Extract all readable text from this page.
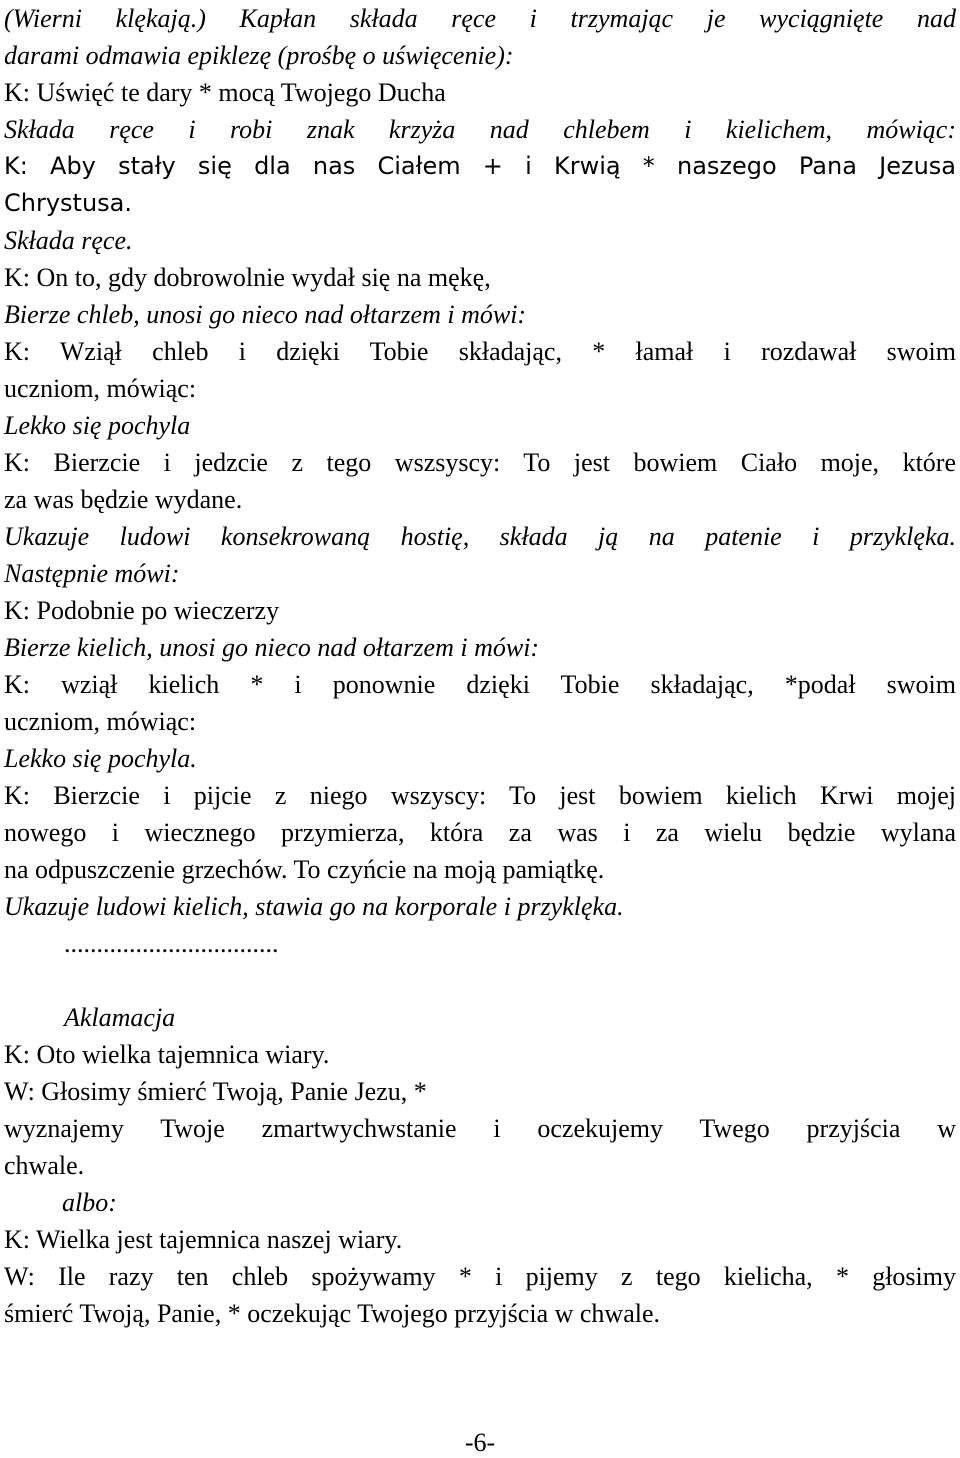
(Wierni klękają.) Kapłan składa ręce i trzymając je wyciągnięte nad
darami odmawia epiklezę (prośbę o uświęcenie):
K: Uświęć te dary * mocą Twojego Ducha
Składa ręce i robi znak krzyża nad chlebem i kielichem, mówiąc:
K: Aby stały się dla nas Ciałem + i Krwią * naszego Pana Jezusa
Chrystusa.
Składa ręce.
K: On to, gdy dobrowolnie wydał się na mękę,
Bierze chleb, unosi go nieco nad ołtarzem i mówi:
K: Wziął chleb i dzięki Tobie składając, * łamał i rozdawał swoim
uczniom, mówiąc:
Lekko się pochyla
K: Bierzcie i jedzcie z tego wszsyscy: To jest bowiem Ciało moje, które
za was będzie wydane.
Ukazuje ludowi konsekrowaną hostię, składa ją na patenie i przyklęka.
Następnie mówi:
K: Podobnie po wieczerzy
Bierze kielich, unosi go nieco nad ołtarzem i mówi:
K: wziął kielich * i ponownie dzięki Tobie składając, *podał swoim
uczniom, mówiąc:
Lekko się pochyla.
K: Bierzcie i pijcie z niego wszyscy: To jest bowiem kielich Krwi mojej
nowego i wiecznego przymierza, która za was i za wielu będzie wylana
na odpuszczenie grzechów. To czyńcie na moją pamiątkę.
Ukazuje ludowi kielich, stawia go na korporale i przyklęka.
.................................
Aklamacja
K: Oto wielka tajemnica wiary.
W: Głosimy śmierć Twoją, Panie Jezu, *
wyznajemy Twoje zmartwychwstanie i oczekujemy Twego przyjścia w
chwale.
albo:
K: Wielka jest tajemnica naszej wiary.
W: Ile razy ten chleb spożywamy * i pijemy z tego kielicha, * głosimy
śmierć Twoją, Panie, * oczekując Twojego przyjścia w chwale.
-6-
